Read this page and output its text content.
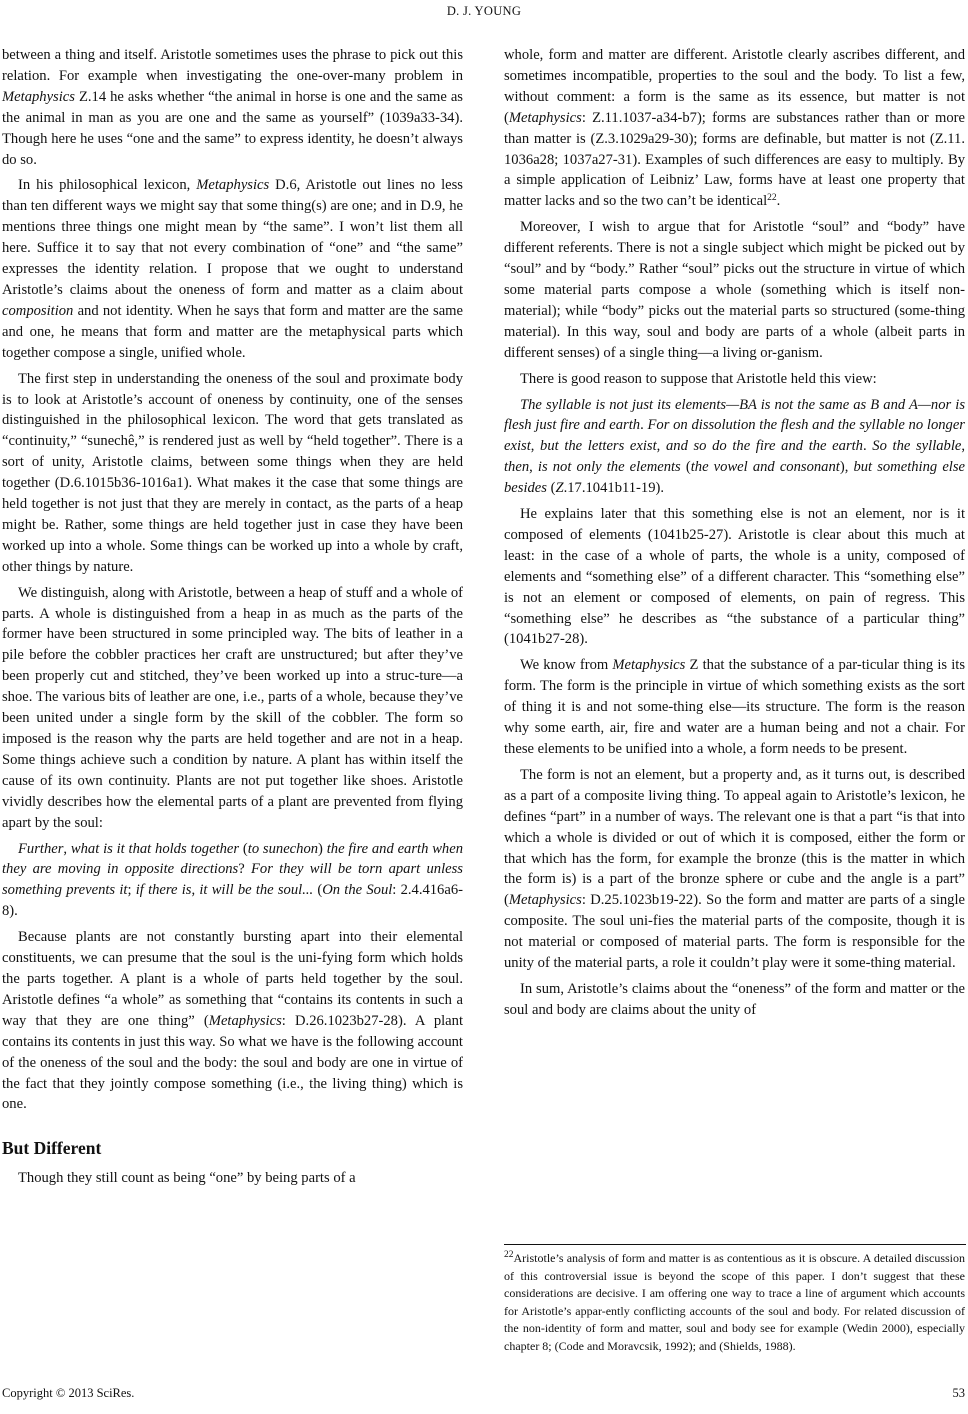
D. J. YOUNG

between a thing and itself. Aristotle sometimes uses the phrase to pick out this relation. For example when investigating the one-over-many problem in Metaphysics Z.14 he asks whether “the animal in horse is one and the same as the animal in man as you are one and the same as yourself” (1039a33-34). Though here he uses “one and the same” to express identity, he doesn’t always do so.

In his philosophical lexicon, Metaphysics D.6, Aristotle out lines no less than ten different ways we might say that some thing(s) are one; and in D.9, he mentions three things one might mean by “the same”. I won’t list them all here. Suffice it to say that not every combination of “one” and “the same” expresses the identity relation. I propose that we ought to understand Aristotle’s claims about the oneness of form and matter as a claim about composition and not identity. When he says that form and matter are the same and one, he means that form and matter are the metaphysical parts which together compose a single, unified whole.

The first step in understanding the oneness of the soul and proximate body is to look at Aristotle’s account of oneness by continuity, one of the senses distinguished in the philosophical lexicon. The word that gets translated as “continuity,” “sunechê,” is rendered just as well by “held together”. There is a sort of unity, Aristotle claims, between some things when they are held together (D.6.1015b36-1016a1). What makes it the case that some things are held together is not just that they are merely in contact, as the parts of a heap might be. Rather, some things are held together just in case they have been worked up into a whole. Some things can be worked up into a whole by craft, other things by nature.

We distinguish, along with Aristotle, between a heap of stuff and a whole of parts. A whole is distinguished from a heap in as much as the parts of the former have been structured in some principled way. The bits of leather in a pile before the cobbler practices her craft are unstructured; but after they’ve been properly cut and stitched, they’ve been worked up into a struc-ture—a shoe. The various bits of leather are one, i.e., parts of a whole, because they’ve been united under a single form by the skill of the cobbler. The form so imposed is the reason why the parts are held together and are not in a heap. Some things achieve such a condition by nature. A plant has within itself the cause of its own continuity. Plants are not put together like shoes. Aristotle vividly describes how the elemental parts of a plant are prevented from flying apart by the soul:

Further, what is it that holds together (to sunechon) the fire and earth when they are moving in opposite directions? For they will be torn apart unless something prevents it; if there is, it will be the soul... (On the Soul: 2.4.416a6-8).

Because plants are not constantly bursting apart into their elemental constituents, we can presume that the soul is the uni-fying form which holds the parts together. A plant is a whole of parts held together by the soul. Aristotle defines “a whole” as something that “contains its contents in such a way that they are one thing” (Metaphysics: D.26.1023b27-28). A plant contains its contents in just this way. So what we have is the following account of the oneness of the soul and the body: the soul and body are one in virtue of the fact that they jointly compose something (i.e., the living thing) which is one.

But Different

Though they still count as being “one” by being parts of a

whole, form and matter are different. Aristotle clearly ascribes different, and sometimes incompatible, properties to the soul and the body. To list a few, without comment: a form is the same as its essence, but matter is not (Metaphysics: Z.11.1037-a34-b7); forms are substances rather than or more than matter is (Z.3.1029a29-30); forms are definable, but matter is not (Z.11. 1036a28; 1037a27-31). Examples of such differences are easy to multiply. By a simple application of Leibniz’ Law, forms have at least one property that matter lacks and so the two can’t be identical$^{22}$.

Moreover, I wish to argue that for Aristotle “soul” and “body” have different referents. There is not a single subject which might be picked out by “soul” and by “body.” Rather “soul” picks out the structure in virtue of which some material parts compose a whole (something which is itself non-material); while “body” picks out the material parts so structured (some-thing material). In this way, soul and body are parts of a whole (albeit parts in different senses) of a single thing—a living or-ganism.

There is good reason to suppose that Aristotle held this view:

The syllable is not just its elements—BA is not the same as B and A—nor is flesh just fire and earth. For on dissolution the flesh and the syllable no longer exist, but the letters exist, and so do the fire and the earth. So the syllable, then, is not only the elements (the vowel and consonant), but something else besides (Z.17.1041b11-19).

He explains later that this something else is not an element, nor is it composed of elements (1041b25-27). Aristotle is clear about this much at least: in the case of a whole of parts, the whole is a unity, composed of elements and “something else” of a different character. This “something else” is not an element or composed of elements, on pain of regress. This “something else” he describes as “the substance of a particular thing” (1041b27-28).

We know from Metaphysics Z that the substance of a par-ticular thing is its form. The form is the principle in virtue of which something exists as the sort of thing it is and not some-thing else—its structure. The form is the reason why some earth, air, fire and water are a human being and not a chair. For these elements to be unified into a whole, a form needs to be present.

The form is not an element, but a property and, as it turns out, is described as a part of a composite living thing. To appeal again to Aristotle’s lexicon, he defines “part” in a number of ways. The relevant one is that a part “is that into which a whole is divided or out of which it is composed, either the form or that which has the form, for example the bronze (this is the matter in which the form is) is a part of the bronze sphere or cube and the angle is a part” (Metaphysics: D.25.1023b19-22). So the form and matter are parts of a single composite. The soul uni-fies the material parts of the composite, though it is not material or composed of material parts. The form is responsible for the unity of the material parts, a role it couldn’t play were it some-thing material.

In sum, Aristotle’s claims about the “oneness” of the form and matter or the soul and body are claims about the unity of

$^{22}$Aristotle’s analysis of form and matter is as contentious as it is obscure. A detailed discussion of this controversial issue is beyond the scope of this paper. I don’t suggest that these considerations are decisive. I am offering one way to trace a line of argument which accounts for Aristotle’s appar-ently conflicting accounts of the soul and body. For related discussion of the non-identity of form and matter, soul and body see for example (Wedin 2000), especially chapter 8; (Code and Moravcsik, 1992); and (Shields, 1988).

Copyright © 2013 SciRes.	53
